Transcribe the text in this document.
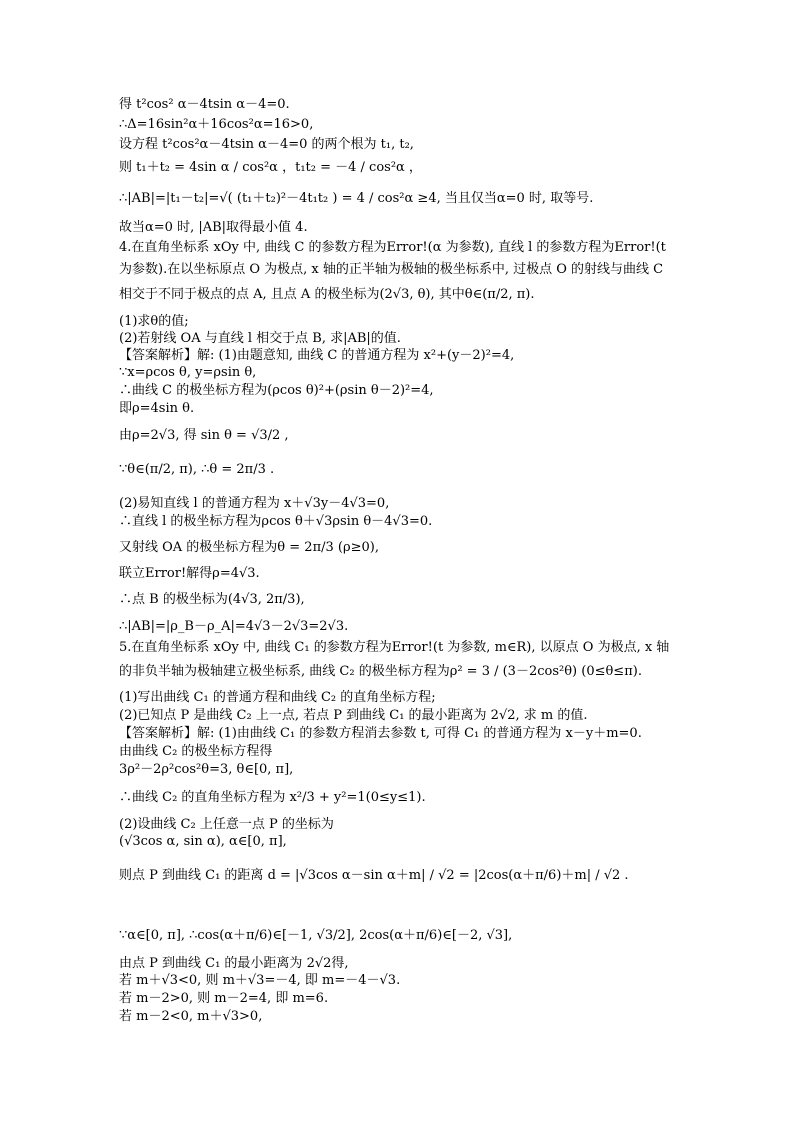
得 t²cos² α－4tsin α－4=0.
∴Δ=16sin²α＋16cos²α=16>0,
设方程 t²cos²α－4tsin α－4=0 的两个根为 t₁, t₂,
则 t₁＋t₂ = 4sin α / cos²α ，t₁t₂ = －4 / cos²α ，
∴|AB|=|t₁－t₂|=√( (t₁＋t₂)²－4t₁t₂ ) = 4 / cos²α ≥4, 当且仅当α=0 时, 取等号.
故当α=0 时, |AB|取得最小值 4.
4.在直角坐标系 xOy 中, 曲线 C 的参数方程为Error!(α 为参数), 直线 l 的参数方程为Error!(t
为参数).在以坐标原点 O 为极点, x 轴的正半轴为极轴的极坐标系中, 过极点 O 的射线与曲线 C
相交于不同于极点的点 A, 且点 A 的极坐标为(2√3, θ), 其中θ∈(π/2, π).
(1)求θ的值;
(2)若射线 OA 与直线 l 相交于点 B, 求|AB|的值.
【答案解析】解: (1)由题意知, 曲线 C 的普通方程为 x²+(y－2)²=4,
∵x=ρcos θ, y=ρsin θ,
∴曲线 C 的极坐标方程为(ρcos θ)²+(ρsin θ－2)²=4,
即ρ=4sin θ.
由ρ=2√3, 得 sin θ = √3/2 ,
∵θ∈(π/2, π), ∴θ = 2π/3 .
(2)易知直线 l 的普通方程为 x＋√3y－4√3=0,
∴直线 l 的极坐标方程为ρcos θ＋√3ρsin θ－4√3=0.
又射线 OA 的极坐标方程为θ = 2π/3 (ρ≥0),
联立Error!解得ρ=4√3.
∴点 B 的极坐标为(4√3, 2π/3),
∴|AB|=|ρ_B－ρ_A|=4√3－2√3=2√3.
5.在直角坐标系 xOy 中, 曲线 C₁ 的参数方程为Error!(t 为参数, m∈R), 以原点 O 为极点, x 轴
的非负半轴为极轴建立极坐标系, 曲线 C₂ 的极坐标方程为ρ² = 3 / (3－2cos²θ) (0≤θ≤π).
(1)写出曲线 C₁ 的普通方程和曲线 C₂ 的直角坐标方程;
(2)已知点 P 是曲线 C₂ 上一点, 若点 P 到曲线 C₁ 的最小距离为 2√2, 求 m 的值.
【答案解析】解: (1)由曲线 C₁ 的参数方程消去参数 t, 可得 C₁ 的普通方程为 x－y＋m=0.
由曲线 C₂ 的极坐标方程得
3ρ²－2ρ²cos²θ=3, θ∈[0, π],
∴曲线 C₂ 的直角坐标方程为 x²/3 + y²=1(0≤y≤1).
(2)设曲线 C₂ 上任意一点 P 的坐标为
(√3cos α, sin α), α∈[0, π],
则点 P 到曲线 C₁ 的距离 d = |√3cos α－sin α＋m| / √2 = |2cos(α＋π/6)＋m| / √2 .
∵α∈[0, π], ∴cos(α＋π/6)∈[－1, √3/2], 2cos(α＋π/6)∈[－2, √3],
由点 P 到曲线 C₁ 的最小距离为 2√2得,
若 m＋√3<0, 则 m＋√3=－4, 即 m=－4－√3.
若 m－2>0, 则 m－2=4, 即 m=6.
若 m－2<0, m＋√3>0,
